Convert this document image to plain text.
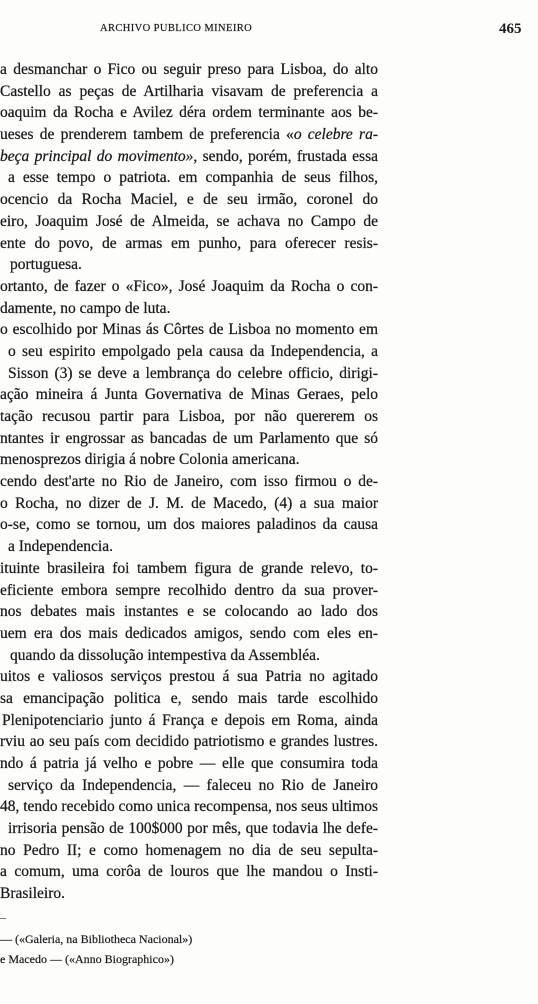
ARCHIVO PUBLICO MINEIRO	465
a desmanchar o Fico ou seguir preso para Lisboa, do alto
Castello as peças de Artilharia visavam de preferencia a
oaquim da Rocha e Avilez déra ordem terminante aos be-
ueses de prenderem tambem de preferencia «o celebre ra-
beça principal do movimento», sendo, porém, frustada essa
a esse tempo o patriota. em companhia de seus filhos,
ocencio da Rocha Maciel, e de seu irmão, coronel do
eiro, Joaquim José de Almeida, se achava no Campo de
ente do povo, de armas em punho, para oferecer resis-
portuguesa.
ortanto, de fazer o «Fico», José Joaquim da Rocha o con-
damente, no campo de luta.
o escolhido por Minas ás Côrtes de Lisboa no momento em
o seu espirito empolgado pela causa da Independencia, a
Sisson (3) se deve a lembrança do celebre officio, dirigi-
ação mineira á Junta Governativa de Minas Geraes, pelo
tação recusou partir para Lisboa, por não quererem os
ntantes ir engrossar as bancadas de um Parlamento que só
menosprezos dirigia á nobre Colonia americana.
cendo dest'arte no Rio de Janeiro, com isso firmou o de-
o Rocha, no dizer de J. M. de Macedo, (4) a sua maior
o-se, como se tornou, um dos maiores paladinos da causa
a Independencia.
ituinte brasileira foi tambem figura de grande relevo, to-
eficiente embora sempre recolhido dentro da sua prover-
nos debates mais instantes e se colocando ao lado dos
uem era dos mais dedicados amigos, sendo com eles en-
quando da dissolução intempestiva da Assembléa.
uitos e valiosos serviços prestou á sua Patria no agitado
sa emancipação politica e, sendo mais tarde escolhido
Plenipotenciario junto á França e depois em Roma, ainda
rviu ao seu país com decidido patriotismo e grandes lustres.
ndo á patria já velho e pobre — elle que consumira toda
serviço da Independencia, — faleceu no Rio de Janeiro
48, tendo recebido como unica recompensa, nos seus ultimos
irrisoria pensão de 100$000 por mês, que todavia lhe defe-
no Pedro II; e como homenagem no dia de seu sepulta-
a comum, uma corôa de louros que lhe mandou o Insti-
Brasileiro.
–
— («Galeria, na Bibliotheca Nacional»)
e Macedo — («Anno Biographico»)
